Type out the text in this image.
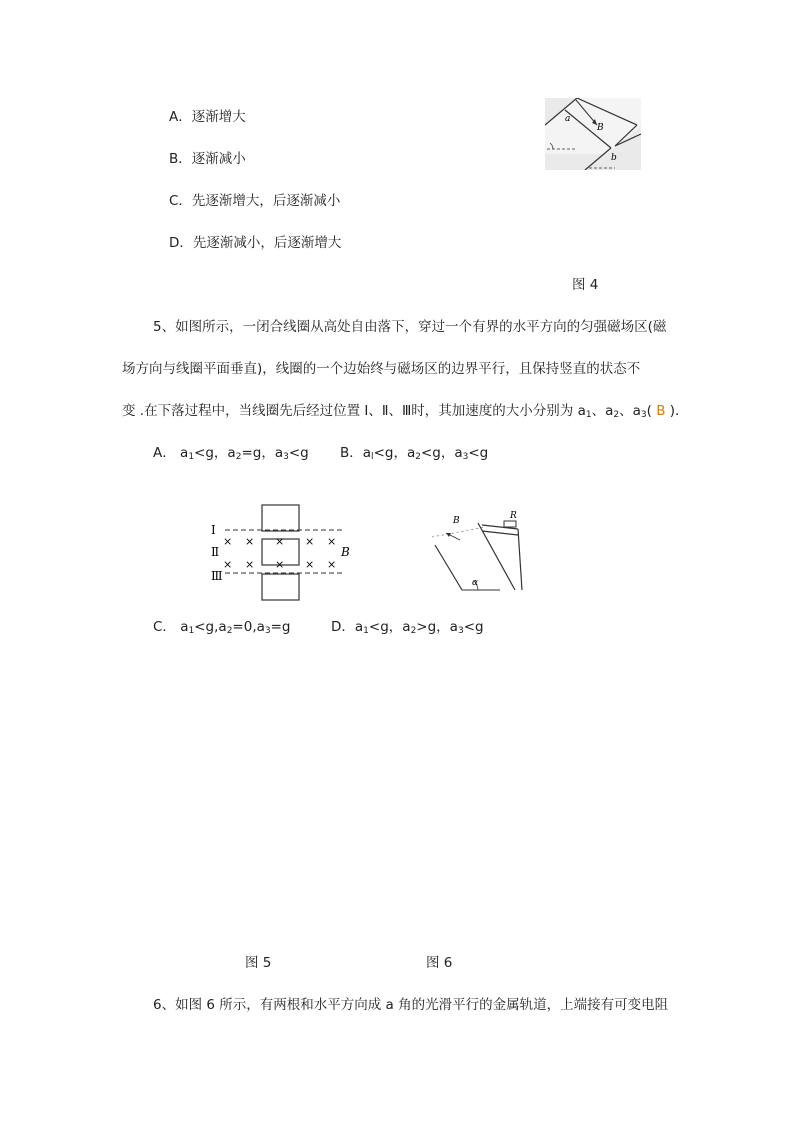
A．逐渐增大
B．逐渐减小
C．先逐渐增大，后逐渐减小
D．先逐渐减小，后逐渐增大
a
B
b
图 4
5、如图所示，一闭合线圈从高处自由落下，穿过一个有界的水平方向的匀强磁场区(磁
场方向与线圈平面垂直)，线圈的一个边始终与磁场区的边界平行，且保持竖直的状态不
变 .在下落过程中，当线圈先后经过位置 Ⅰ、Ⅱ、Ⅲ时，其加速度的大小分别为 $a_1$、$a_2$、$a_3$( B )．
A． $a_1<g$，$a_2=g$，$a_3<g$ B．$a_l<g$，$a_2<g$，$a_3<g$
Ⅰ
Ⅱ
Ⅲ
B
× × × × ×
× × × × ×
B	R
α
C． $a_1<g,a_2=0,a_3=g$	D．$a_1<g$，$a_2>g$，$a_3<g$
图 5	图 6
6、如图 6 所示，有两根和水平方向成 a 角的光滑平行的金属轨道，上端接有可变电阻
